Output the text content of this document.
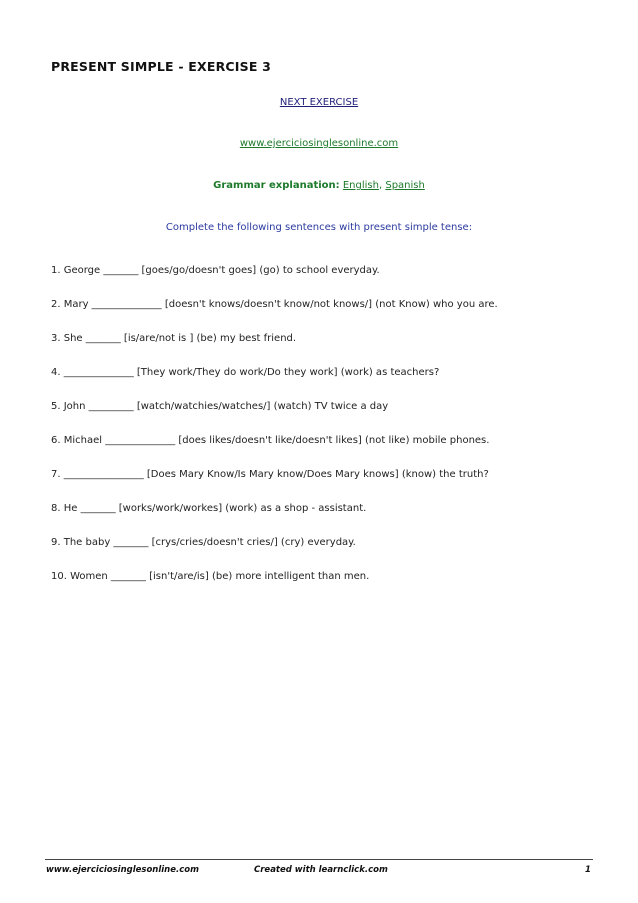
PRESENT SIMPLE - EXERCISE 3
NEXT EXERCISE
www.ejerciciosinglesonline.com
Grammar explanation: English, Spanish
Complete the following sentences with present simple tense:
1. George _______ [goes/go/doesn't goes] (go) to school everyday.
2. Mary ______________ [doesn't knows/doesn't know/not knows/] (not Know) who you are.
3. She _______ [is/are/not is ] (be) my best friend.
4. ______________ [They work/They do work/Do they work] (work) as teachers?
5. John _________ [watch/watchies/watches/] (watch) TV twice a day
6. Michael ______________ [does likes/doesn't like/doesn't likes] (not like) mobile phones.
7. ________________ [Does Mary Know/Is Mary know/Does Mary knows] (know) the truth?
8. He _______ [works/work/workes] (work) as a shop - assistant.
9. The baby _______ [crys/cries/doesn't cries/] (cry) everyday.
10. Women _______ [isn't/are/is] (be) more intelligent than men.
www.ejerciciosinglesonline.com	Created with learnclick.com	1
